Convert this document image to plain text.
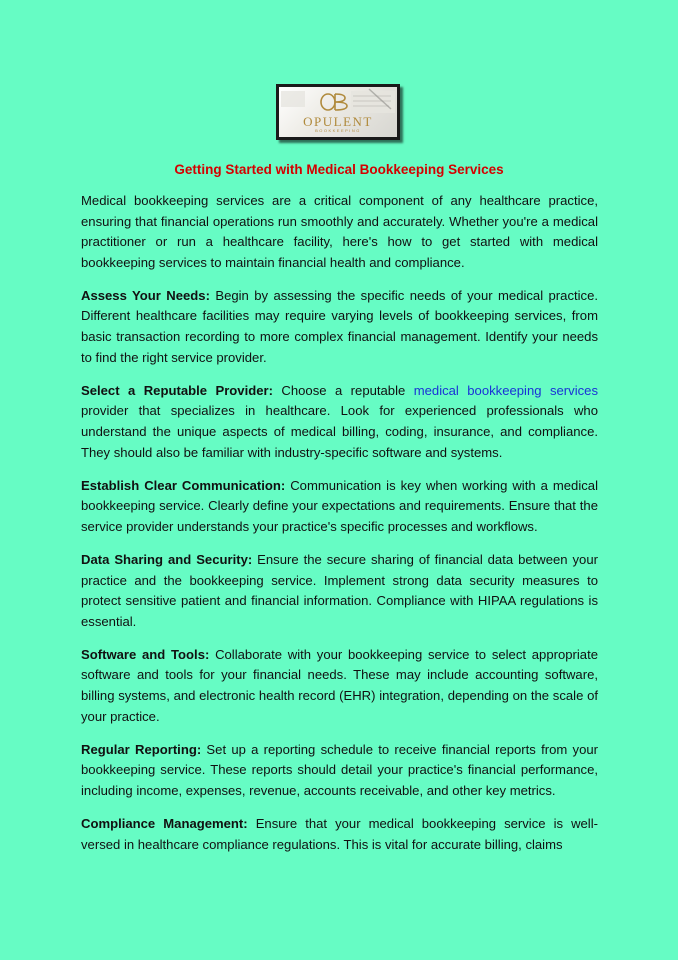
OPULENT
BOOKKEEPING
Getting Started with Medical Bookkeeping Services

Medical bookkeeping services are a critical component of any healthcare practice, ensuring that financial operations run smoothly and accurately. Whether you're a medical practitioner or run a healthcare facility, here's how to get started with medical bookkeeping services to maintain financial health and compliance.

Assess Your Needs: Begin by assessing the specific needs of your medical practice. Different healthcare facilities may require varying levels of bookkeeping services, from basic transaction recording to more complex financial management. Identify your needs to find the right service provider.

Select a Reputable Provider: Choose a reputable medical bookkeeping services provider that specializes in healthcare. Look for experienced professionals who understand the unique aspects of medical billing, coding, insurance, and compliance. They should also be familiar with industry-specific software and systems.

Establish Clear Communication: Communication is key when working with a medical bookkeeping service. Clearly define your expectations and requirements. Ensure that the service provider understands your practice's specific processes and workflows.

Data Sharing and Security: Ensure the secure sharing of financial data between your practice and the bookkeeping service. Implement strong data security measures to protect sensitive patient and financial information. Compliance with HIPAA regulations is essential.

Software and Tools: Collaborate with your bookkeeping service to select appropriate software and tools for your financial needs. These may include accounting software, billing systems, and electronic health record (EHR) integration, depending on the scale of your practice.

Regular Reporting: Set up a reporting schedule to receive financial reports from your bookkeeping service. These reports should detail your practice's financial performance, including income, expenses, revenue, accounts receivable, and other key metrics.

Compliance Management: Ensure that your medical bookkeeping service is well- versed in healthcare compliance regulations. This is vital for accurate billing, claims
